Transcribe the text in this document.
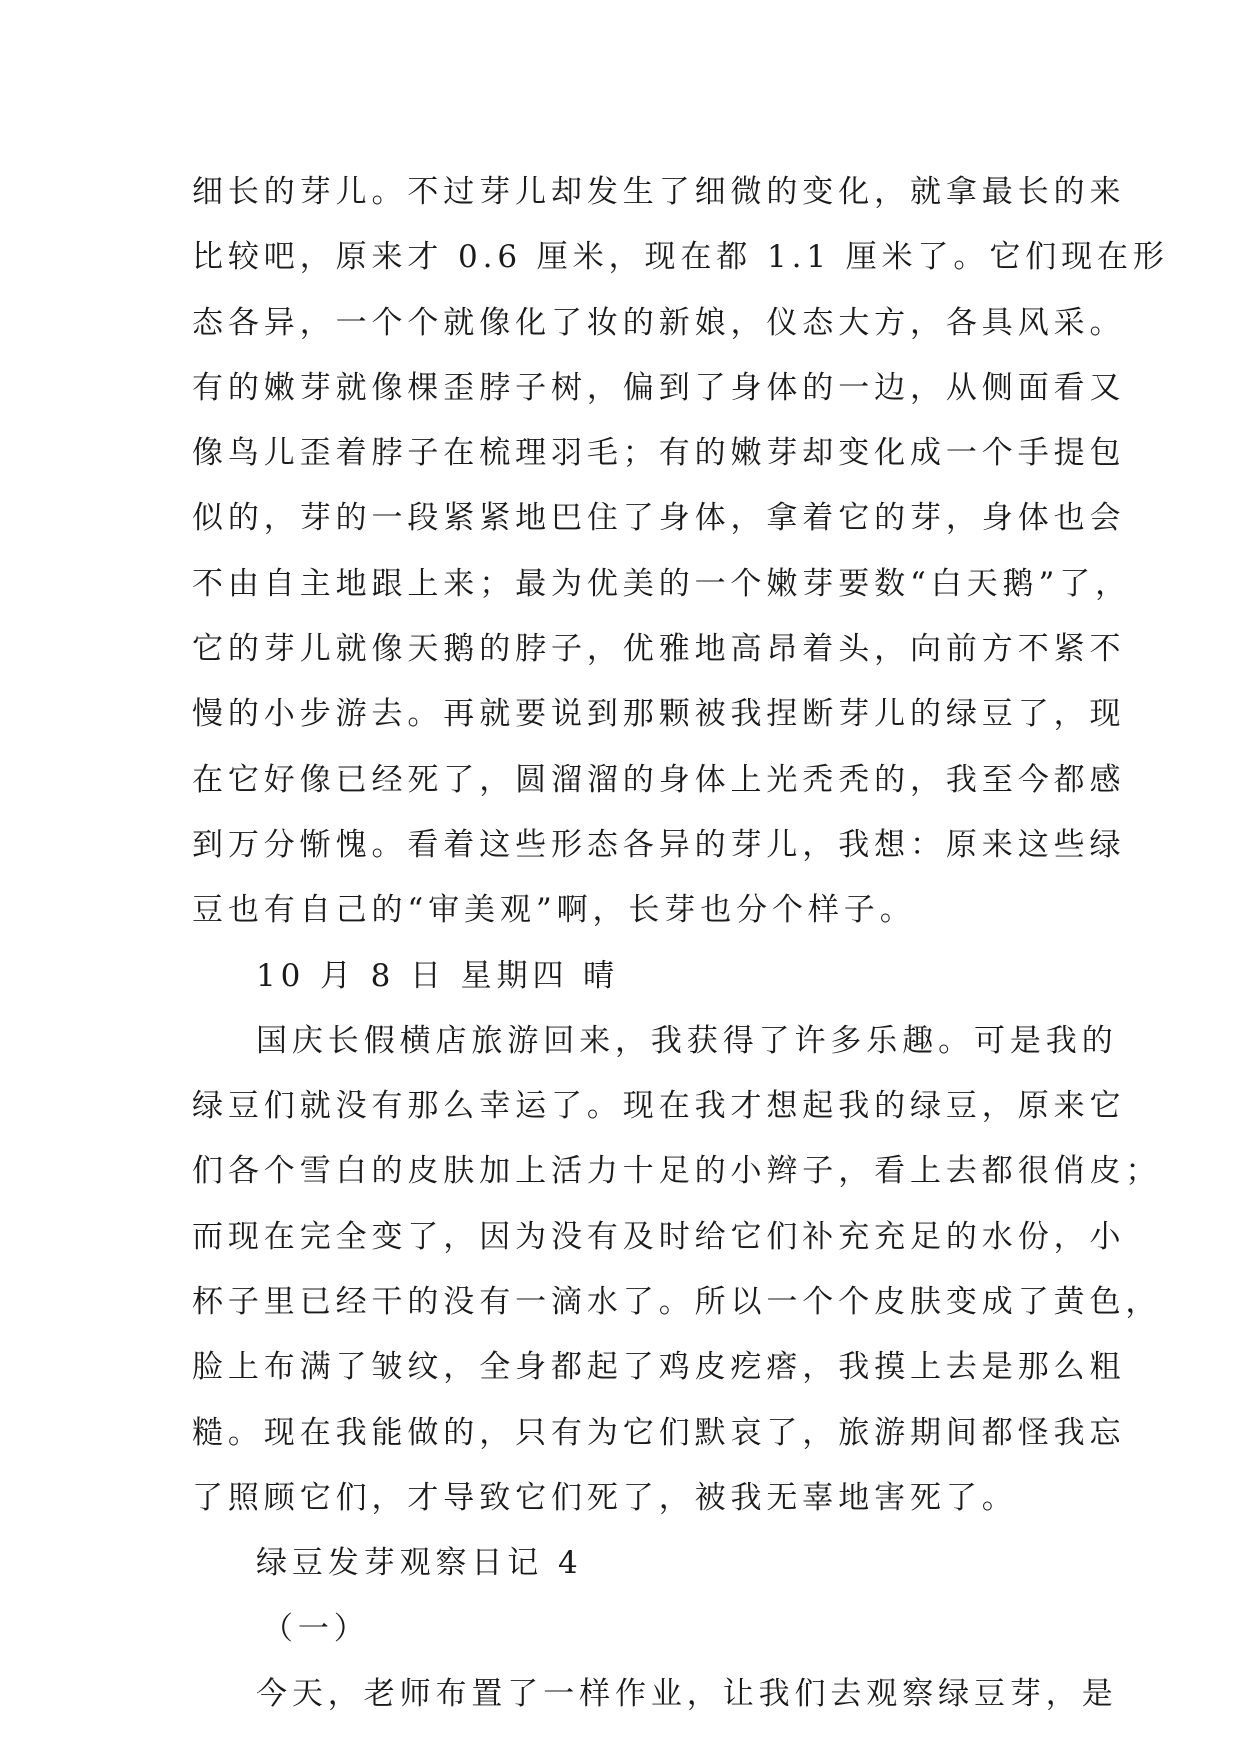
细长的芽儿。不过芽儿却发生了细微的变化，就拿最长的来
比较吧，原来才 0.6 厘米，现在都 1.1 厘米了。它们现在形
态各异，一个个就像化了妆的新娘，仪态大方，各具风采。
有的嫩芽就像棵歪脖子树，偏到了身体的一边，从侧面看又
像鸟儿歪着脖子在梳理羽毛；有的嫩芽却变化成一个手提包
似的，芽的一段紧紧地巴住了身体，拿着它的芽，身体也会
不由自主地跟上来；最为优美的一个嫩芽要数“白天鹅”了，
它的芽儿就像天鹅的脖子，优雅地高昂着头，向前方不紧不
慢的小步游去。再就要说到那颗被我捏断芽儿的绿豆了，现
在它好像已经死了，圆溜溜的身体上光秃秃的，我至今都感
到万分惭愧。看着这些形态各异的芽儿，我想：原来这些绿
豆也有自己的“审美观”啊，长芽也分个样子。
10 月 8 日 星期四 晴
国庆长假横店旅游回来，我获得了许多乐趣。可是我的
绿豆们就没有那么幸运了。现在我才想起我的绿豆，原来它
们各个雪白的皮肤加上活力十足的小辫子，看上去都很俏皮；
而现在完全变了，因为没有及时给它们补充充足的水份，小
杯子里已经干的没有一滴水了。所以一个个皮肤变成了黄色，
脸上布满了皱纹，全身都起了鸡皮疙瘩，我摸上去是那么粗
糙。现在我能做的，只有为它们默哀了，旅游期间都怪我忘
了照顾它们，才导致它们死了，被我无辜地害死了。
绿豆发芽观察日记 4
（一）
今天，老师布置了一样作业，让我们去观察绿豆芽，是
